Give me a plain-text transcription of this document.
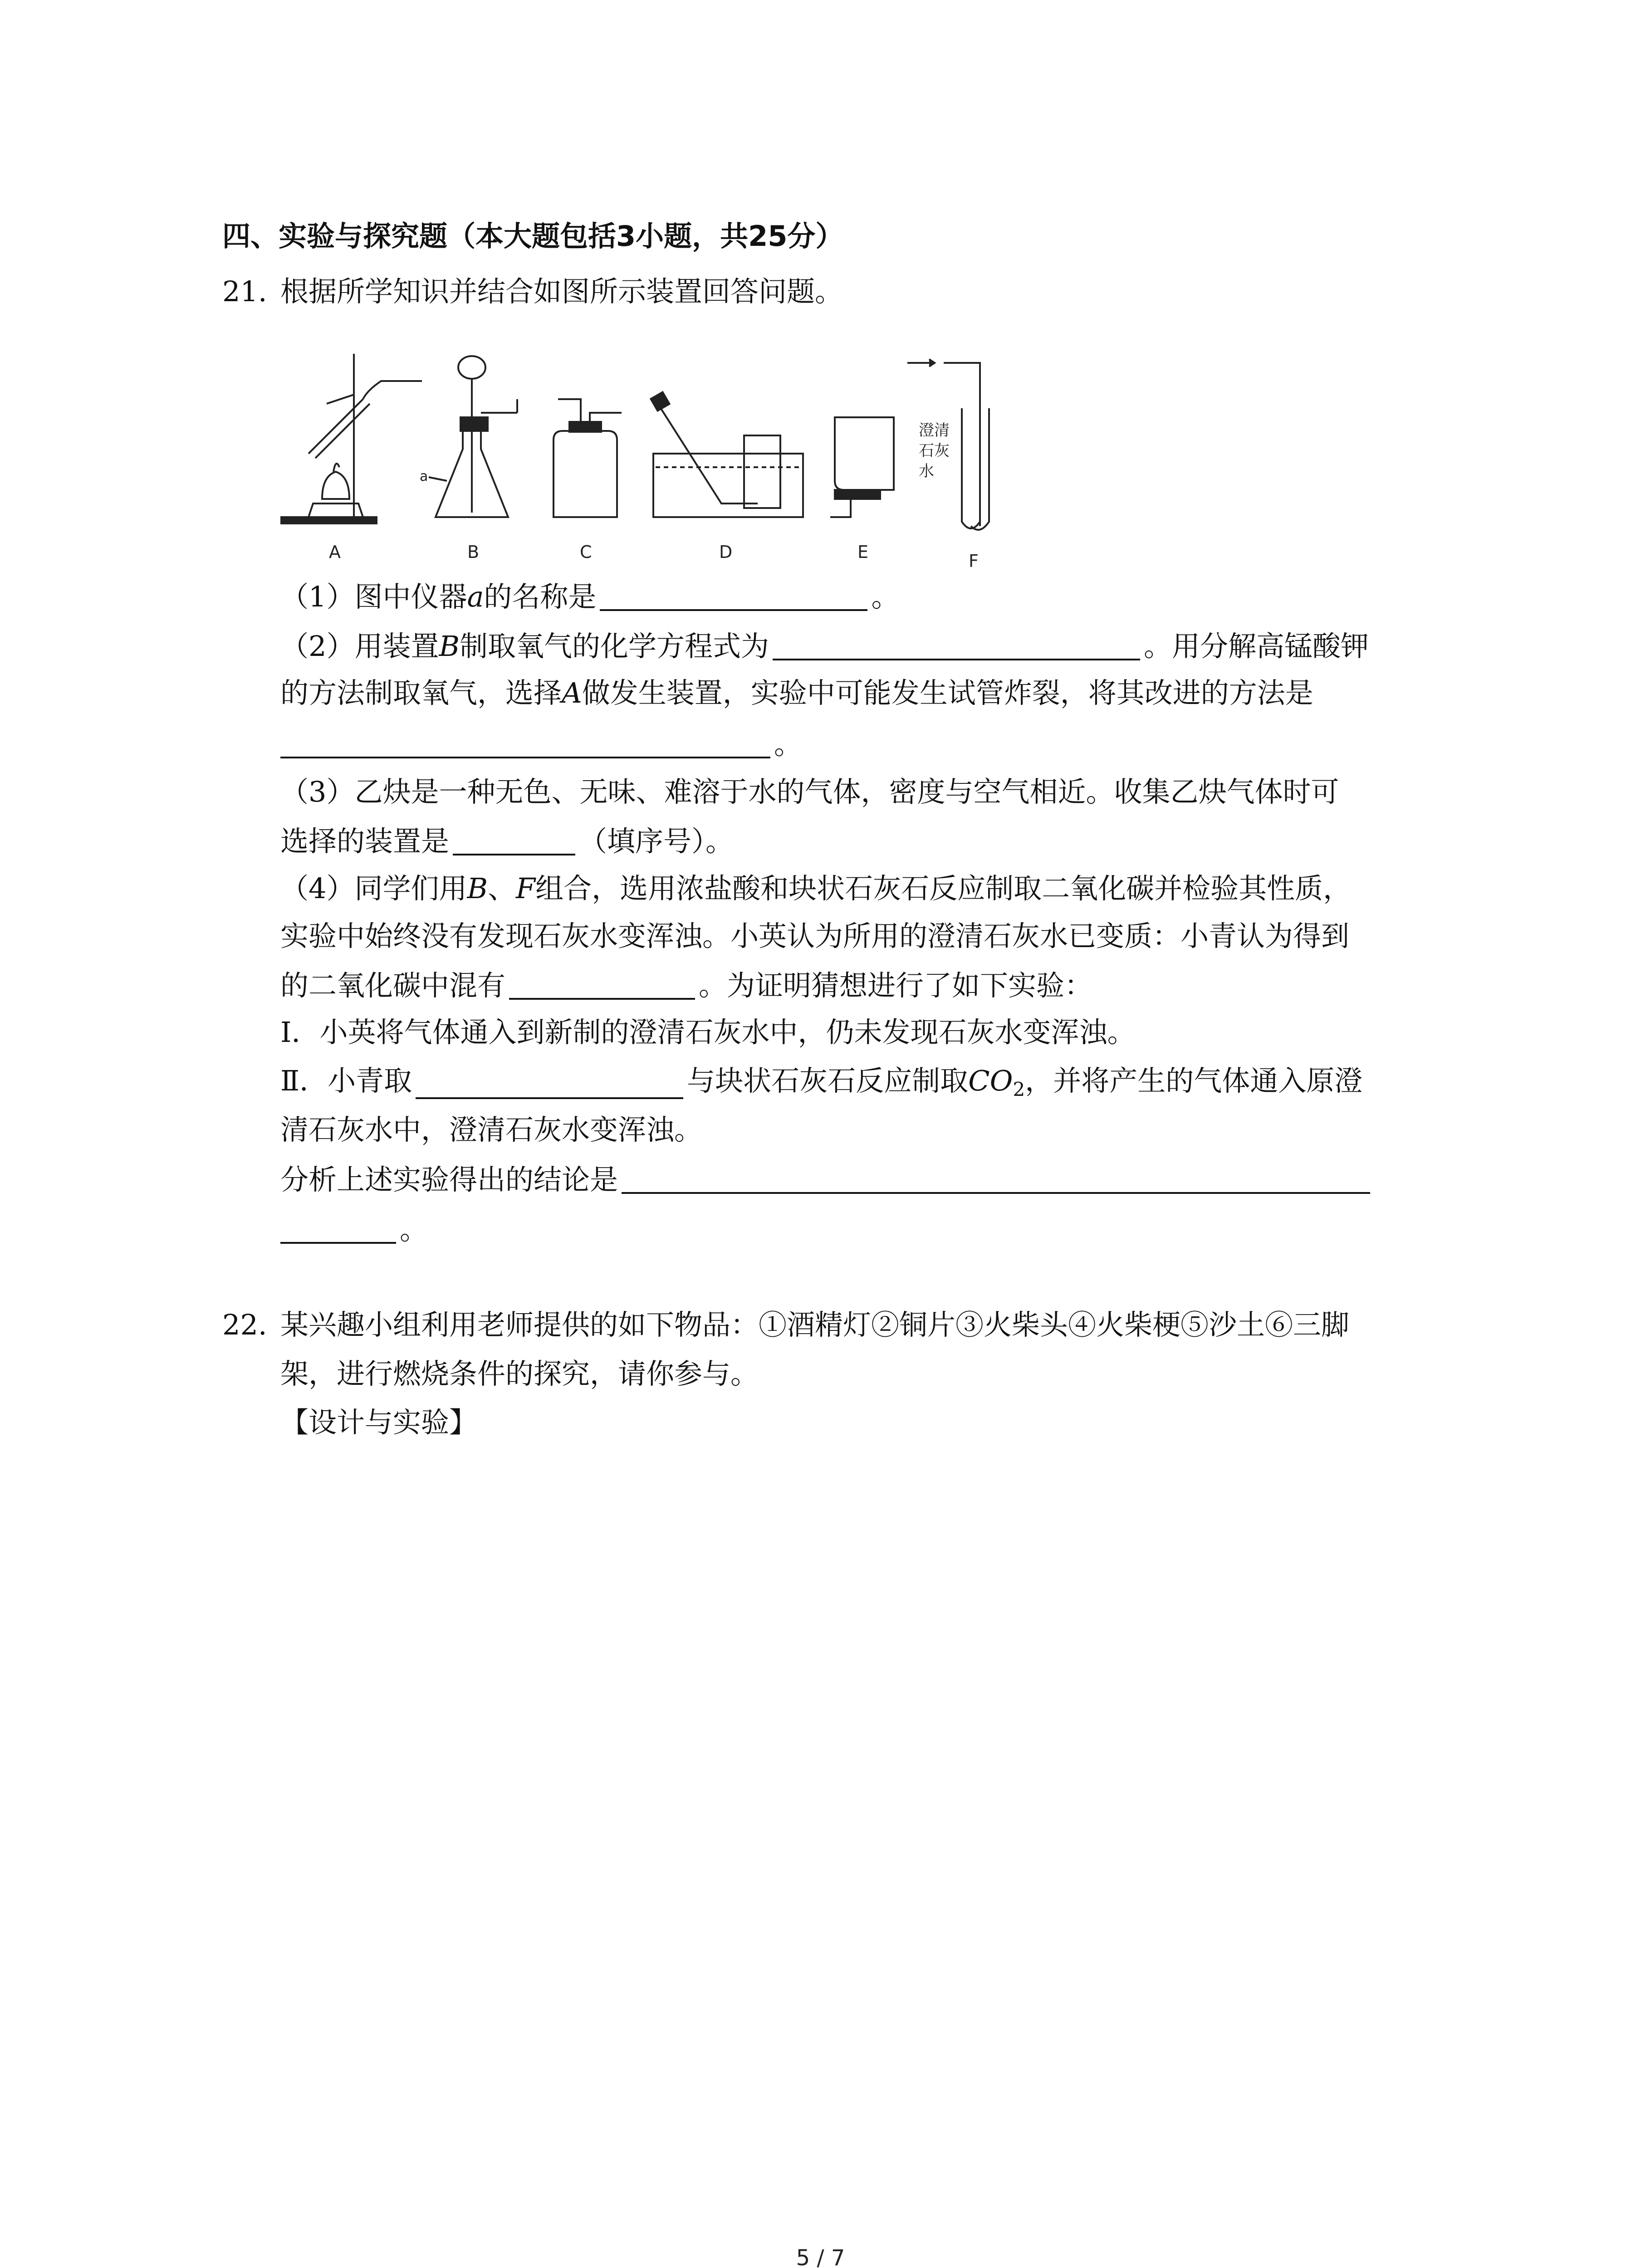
四、实验与探究题（本大题包括3小题，共25分）
21. 根据所学知识并结合如图所示装置回答问题。
A
a
B	C	D	E
澄清
石灰
水
F
（1）图中仪器a的名称是	。
（2）用装置B制取氧气的化学方程式为	。用分解高锰酸钾
的方法制取氧气，选择A做发生装置，实验中可能发生试管炸裂，将其改进的方法是
。
（3）乙炔是一种无色、无味、难溶于水的气体，密度与空气相近。收集乙炔气体时可
选择的装置是	（填序号）。
（4）同学们用B、F组合，选用浓盐酸和块状石灰石反应制取二氧化碳并检验其性质，
实验中始终没有发现石灰水变浑浊。小英认为所用的澄清石灰水已变质：小青认为得到
的二氧化碳中混有	。为证明猜想进行了如下实验：
Ⅰ．小英将气体通入到新制的澄清石灰水中，仍未发现石灰水变浑浊。
Ⅱ．小青取	与块状石灰石反应制取$CO_2$，并将产生的气体通入原澄
清石灰水中，澄清石灰水变浑浊。
分析上述实验得出的结论是
。
22. 某兴趣小组利用老师提供的如下物品：①酒精灯②铜片③火柴头④火柴梗⑤沙土⑥三脚
架，进行燃烧条件的探究，请你参与。
【设计与实验】
5 / 7
